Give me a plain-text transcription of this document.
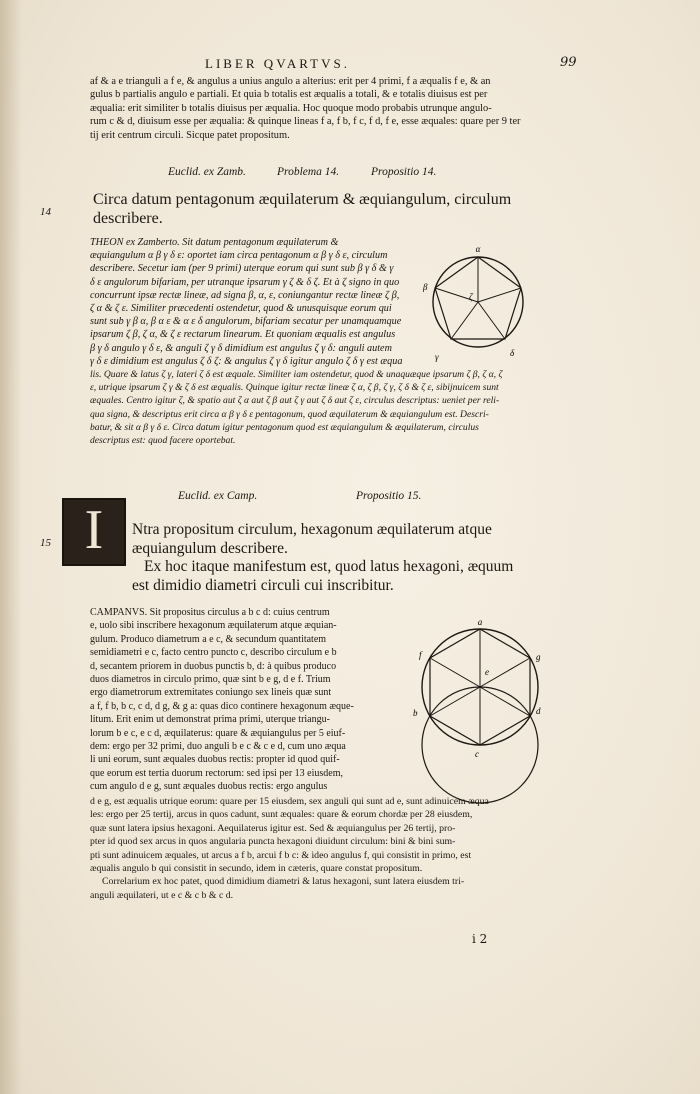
LIBER QVARTVS.	99

af & a e trianguli a f e, & angulus a unius angulo a alterius: erit per 4 primi, f a æqualis f e, & an

gulus b partialis angulo e partiali. Et quia b totalis est æqualis a totali, & e totalis diuisus est per

æqualia: erit similiter b totalis diuisus per æqualia. Hoc quoque modo probabis utrunque angulo-

rum c & d, diuisum esse per æqualia: & quinque lineas f a, f b, f c, f d, f e, esse æquales: quare per 9 ter

tij erit centrum circuli. Sicque patet propositum.

Euclid. ex Zamb.	Problema 14.	Propositio 14.
14
Circa datum pentagonum æquilaterum & æquiangulum, circulum
describere.

THEON ex Zamberto. Sit datum pentagonum æquilaterum &

æquiangulum α β γ δ ε: oportet iam circa pentagonum α β γ δ ε, circulum

describere. Secetur iam (per 9 primi) uterque eorum qui sunt sub β γ δ & γ

δ ε angulorum bifariam, per utranque ipsarum γ ζ & δ ζ. Et à ζ signo in quo

concurrunt ipsæ rectæ lineæ, ad signa β, α, ε, coniungantur rectæ lineæ ζ β,

ζ α & ζ ε. Similiter præcedenti ostendetur, quod & unusquisque eorum qui

sunt sub γ β α, β α ε & α ε δ angulorum, bifariam secatur per unamquamque

ipsarum ζ β, ζ α, & ζ ε rectarum linearum. Et quoniam æqualis est angulus

β γ δ angulo γ δ ε, & anguli ζ γ δ dimidium est angulus ζ γ δ: anguli autem

γ δ ε dimidium est angulus ζ δ ζ: & angulus ζ γ δ igitur angulo ζ δ γ est æqua

lis. Quare & latus ζ γ, lateri ζ δ est æquale. Similiter iam ostendetur, quod & unaquæque ipsarum ζ β, ζ α, ζ

ε, utrique ipsarum ζ γ & ζ δ est æqualis. Quinque igitur rectæ lineæ ζ α, ζ β, ζ γ, ζ δ & ζ ε, sibijnuicem sunt

æquales. Centro igitur ζ, & spatio aut ζ α aut ζ β aut ζ γ aut ζ δ aut ζ ε, circulus descriptus: ueniet per reli-

qua signa, & descriptus erit circa α β γ δ ε pentagonum, quod æquilaterum & æquiangulum est. Descri-

batur, & sit α β γ δ ε. Circa datum igitur pentagonum quod est æquiangulum & æquilaterum, circulus

descriptus est: quod facere oportebat.

α
β
ζ
γ	δ
Euclid. ex Camp.	Propositio 15.
15 I	Ntra propositum circulum, hexagonum æquilaterum atque
æquiangulum describere.
Ex hoc itaque manifestum est, quod latus hexagoni, æquum
est dimidio diametri circuli cui inscribitur.

CAMPANVS. Sit propositus circulus a b c d: cuius centrum

e, uolo sibi inscribere hexagonum æquilaterum atque æquian-

gulum. Produco diametrum a e c, & secundum quantitatem

semidiametri e c, facto centro puncto c, describo circulum e b

d, secantem priorem in duobus punctis b, d: à quibus produco

duos diametros in circulo primo, quæ sint b e g, d e f. Trium

ergo diametrorum extremitates coniungo sex lineis quæ sunt

a f, f b, b c, c d, d g, & g a: quas dico continere hexagonum æque-

litum. Erit enim ut demonstrat prima primi, uterque triangu-

lorum b e c, e c d, æquilaterus: quare & æquiangulus per 5 eiuf-

dem: ergo per 32 primi, duo anguli b e c & c e d, cum uno æqua

li uni eorum, sunt æquales duobus rectis: propter id quod quif-

que eorum est tertia duorum rectorum: sed ipsi per 13 eiusdem,

cum angulo d e g, sunt æquales duobus rectis: ergo angulus

d e g, est æqualis utrique eorum: quare per 15 eiusdem, sex anguli qui sunt ad e, sunt adinuicem æqua-

les: ergo per 25 tertij, arcus in quos cadunt, sunt æquales: quare & eorum chordæ per 28 eiusdem,

quæ sunt latera ipsius hexagoni. Aequilaterus igitur est. Sed & æquiangulus per 26 tertij, pro-

pter id quod sex arcus in quos angularia puncta hexagoni diuidunt circulum: bini & bini sum-

pti sunt adinuicem æquales, ut arcus a f b, arcui f b c: & ideo angulus f, qui consistit in primo, est

æqualis angulo b qui consistit in secundo, idem in cæteris, quare constat propositum.

Correlarium ex hoc patet, quod dimidium diametri & latus hexagoni, sunt latera eiusdem tri-

anguli æquilateri, ut e c & c b & c d.

a
b
f
e
g
d
c
i 2
